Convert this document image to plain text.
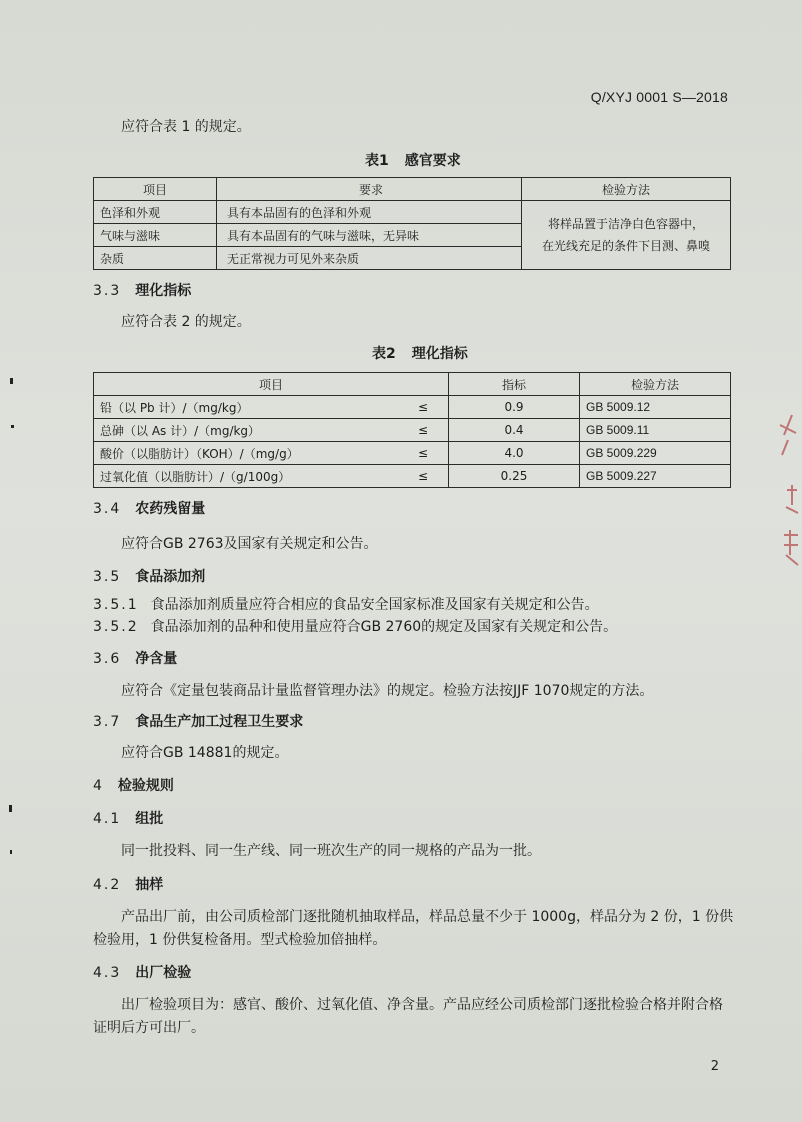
Q/XYJ 0001 S—2018
应符合表 1 的规定。
表1 感官要求
项目	要求	检验方法
色泽和外观	具有本品固有的色泽和外观	将样品置于洁净白色容器中，
在光线充足的条件下目测、鼻嗅

气味与滋味	具有本品固有的气味与滋味，无异味	
杂质	无正常视力可见外来杂质	
3.3 理化指标
应符合表 2 的规定。
表2 理化指标
项目		指标	检验方法
铅（以 Pb 计）/（mg/kg）	≤	0.9	GB 5009.12
总砷（以 As 计）/（mg/kg）	≤	0.4	GB 5009.11
酸价（以脂肪计）（KOH）/（mg/g）	≤	4.0	GB 5009.229
过氧化值（以脂肪计）/（g/100g）	≤	0.25	GB 5009.227
3.4 农药残留量
应符合GB 2763及国家有关规定和公告。
3.5 食品添加剂
3.5.1 食品添加剂质量应符合相应的食品安全国家标准及国家有关规定和公告。
3.5.2 食品添加剂的品种和使用量应符合GB 2760的规定及国家有关规定和公告。
3.6 净含量
应符合《定量包装商品计量监督管理办法》的规定。检验方法按JJF 1070规定的方法。
3.7 食品生产加工过程卫生要求
应符合GB 14881的规定。
4 检验规则
4.1 组批
同一批投料、同一生产线、同一班次生产的同一规格的产品为一批。
4.2 抽样
产品出厂前，由公司质检部门逐批随机抽取样品，样品总量不少于 1000g，样品分为 2 份，1 份供
检验用，1 份供复检备用。型式检验加倍抽样。
4.3 出厂检验
出厂检验项目为：感官、酸价、过氧化值、净含量。产品应经公司质检部门逐批检验合格并附合格
证明后方可出厂。
2
